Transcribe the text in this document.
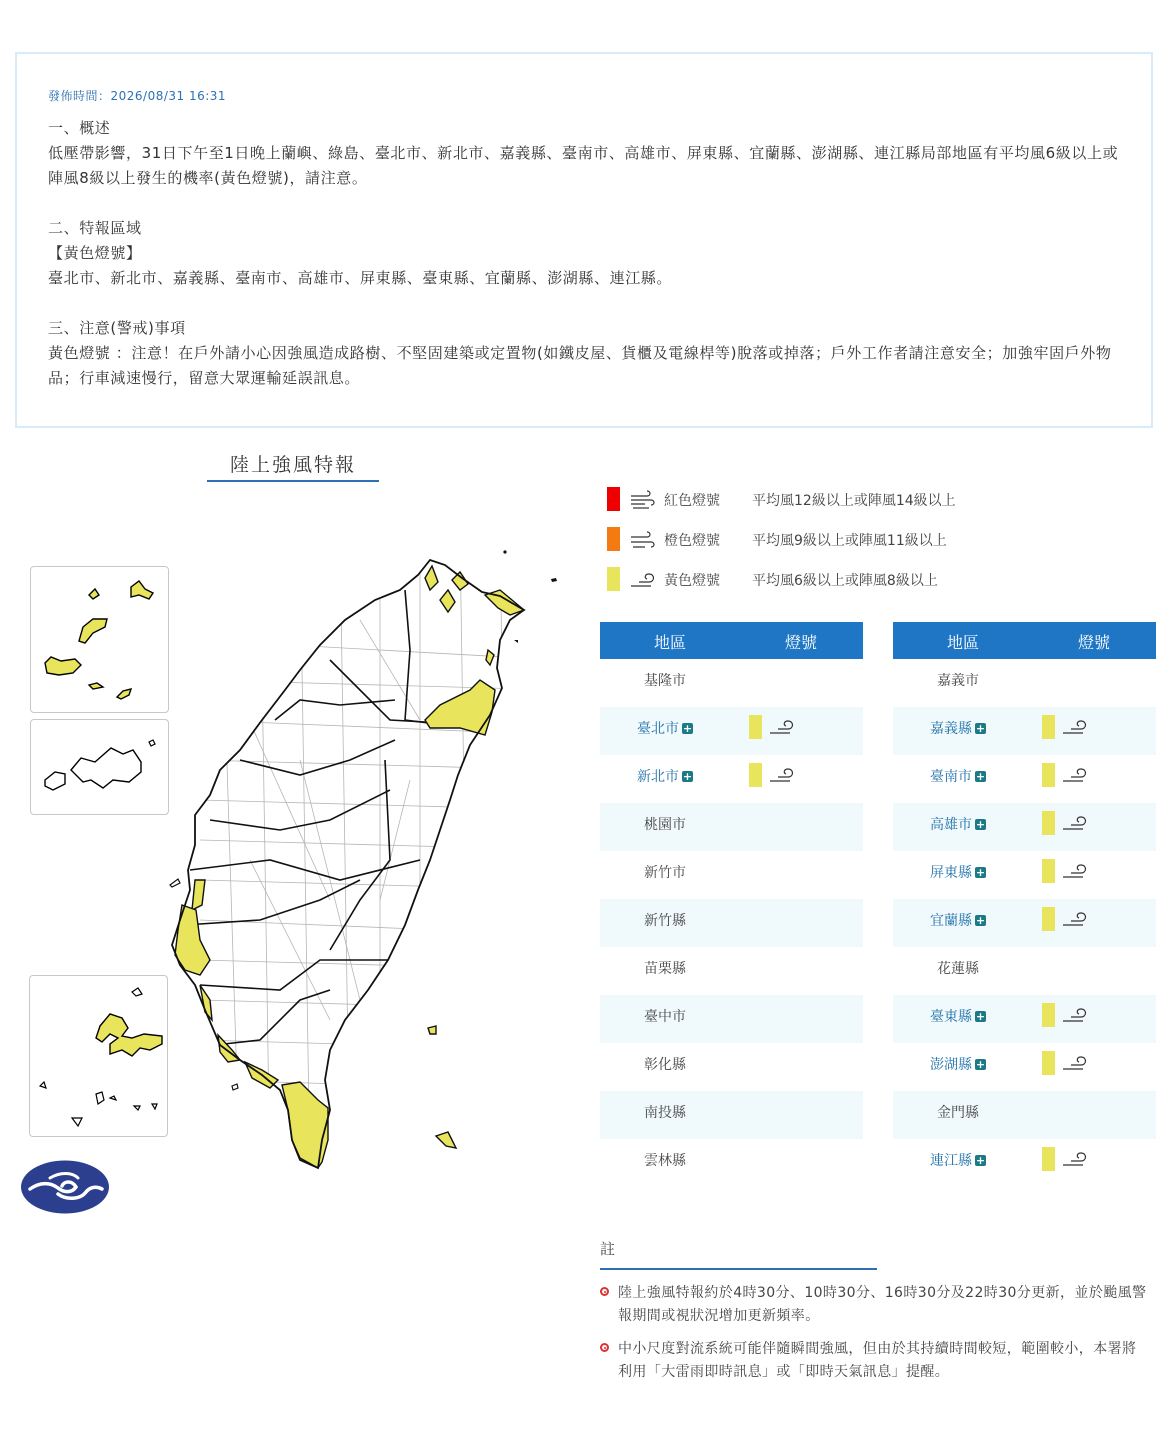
發佈時間：2026/08/31 16:31

一、概述

低壓帶影響，31日下午至1日晚上蘭嶼、綠島、臺北市、新北市、嘉義縣、臺南市、高雄市、屏東縣、宜蘭縣、澎湖縣、連江縣局部地區有平均風6級以上或陣風8級以上發生的機率(黃色燈號)，請注意。

二、特報區域

【黃色燈號】

臺北市、新北市、嘉義縣、臺南市、高雄市、屏東縣、臺東縣、宜蘭縣、澎湖縣、連江縣。

三、注意(警戒)事項

黃色燈號 ：注意！在戶外請小心因強風造成路樹、不堅固建築或定置物(如鐵皮屋、貨櫃及電線桿等)脫落或掉落；戶外工作者請注意安全；加強牢固戶外物品；行車減速慢行，留意大眾運輸延誤訊息。

陸上強風特報
紅色燈號 平均風12級以上或陣風14級以上
橙色燈號 平均風9級以上或陣風11級以上
黃色燈號 平均風6級以上或陣風8級以上
地區	燈號
基隆市
臺北市 +
新北市 +
桃園市
新竹市
新竹縣
苗栗縣
臺中市
彰化縣
南投縣
雲林縣
地區	燈號
嘉義市
嘉義縣 +
臺南市 +
高雄市 +
屏東縣 +
宜蘭縣 +
花蓮縣
臺東縣 +
澎湖縣 +
金門縣
連江縣 +
註
陸上強風特報約於4時30分、10時30分、16時30分及22時30分更新，並於颱風警報期間或視狀況增加更新頻率。
中小尺度對流系統可能伴隨瞬間強風，但由於其持續時間較短，範圍較小，本署將利用「大雷雨即時訊息」或「即時天氣訊息」提醒。
